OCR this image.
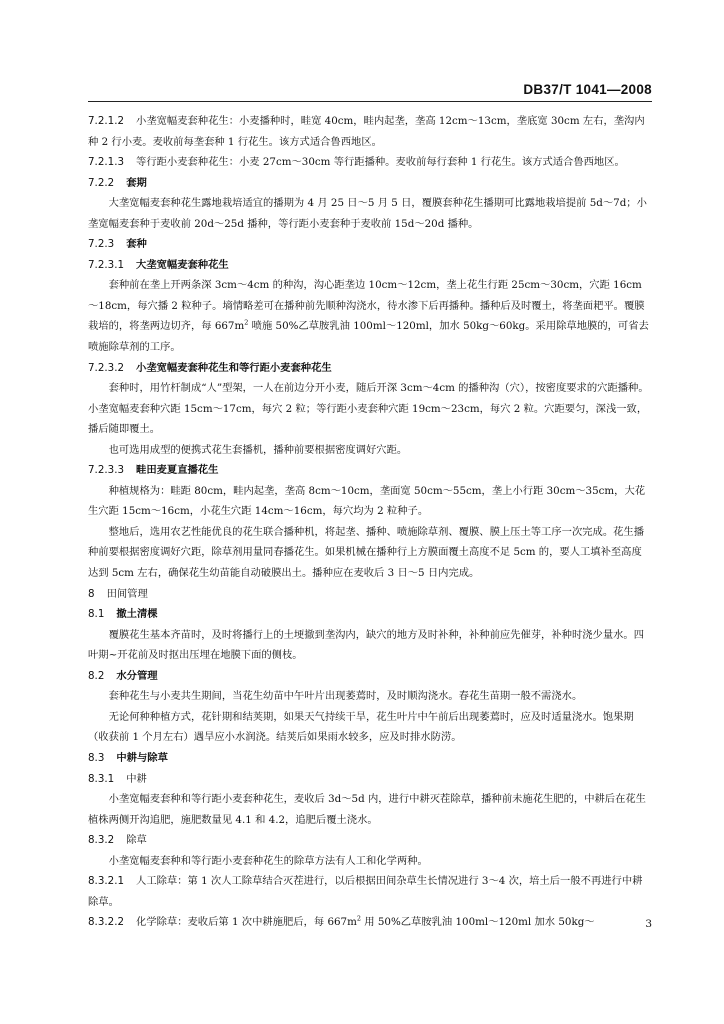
DB37/T 1041—2008

7.2.1.2 小垄宽幅麦套种花生：小麦播种时，畦宽 40cm，畦内起垄，垄高 12cm～13cm，垄底宽 30cm 左右，垄沟内种 2 行小麦。麦收前每垄套种 1 行花生。该方式适合鲁西地区。

7.2.1.3 等行距小麦套种花生：小麦 27cm～30cm 等行距播种。麦收前每行套种 1 行花生。该方式适合鲁西地区。

7.2.2 套期

大垄宽幅麦套种花生露地栽培适宜的播期为 4 月 25 日～5 月 5 日，覆膜套种花生播期可比露地栽培提前 5d～7d；小垄宽幅麦套种于麦收前 20d～25d 播种，等行距小麦套种于麦收前 15d～20d 播种。

7.2.3 套种

7.2.3.1 大垄宽幅麦套种花生

套种前在垄上开两条深 3cm～4cm 的种沟，沟心距垄边 10cm～12cm，垄上花生行距 25cm～30cm，穴距 16cm～18cm，每穴播 2 粒种子。墒情略差可在播种前先顺种沟浇水，待水渗下后再播种。播种后及时覆土，将垄面耙平。覆膜栽培的，将垄两边切齐，每 $667m^2$ 喷施 50%乙草胺乳油 100ml～120ml，加水 50kg～60kg。采用除草地膜的，可省去喷施除草剂的工序。

7.2.3.2 小垄宽幅麦套种花生和等行距小麦套种花生

套种时，用竹杆制成“人”型架，一人在前边分开小麦，随后开深 3cm～4cm 的播种沟（穴），按密度要求的穴距播种。小垄宽幅麦套种穴距 15cm～17cm，每穴 2 粒；等行距小麦套种穴距 19cm～23cm，每穴 2 粒。穴距要匀，深浅一致，播后随即覆土。

也可选用成型的便携式花生套播机，播种前要根据密度调好穴距。

7.2.3.3 畦田麦夏直播花生

种植规格为：畦距 80cm，畦内起垄，垄高 8cm～10cm，垄面宽 50cm～55cm，垄上小行距 30cm～35cm，大花生穴距 15cm～16cm，小花生穴距 14cm～16cm，每穴均为 2 粒种子。

整地后，选用农艺性能优良的花生联合播种机，将起垄、播种、喷施除草剂、覆膜、膜上压土等工序一次完成。花生播种前要根据密度调好穴距，除草剂用量同春播花生。如果机械在播种行上方膜面覆土高度不足 5cm 的，要人工填补至高度达到 5cm 左右，确保花生幼苗能自动破膜出土。播种应在麦收后 3 日～5 日内完成。

8 田间管理

8.1 撤土清棵

覆膜花生基本齐苗时，及时将播行上的土埂撤到垄沟内，缺穴的地方及时补种，补种前应先催芽，补种时浇少量水。四叶期~开花前及时抠出压埋在地膜下面的侧枝。

8.2 水分管理

套种花生与小麦共生期间，当花生幼苗中午叶片出现萎蔫时，及时顺沟浇水。春花生苗期一般不需浇水。

无论何种种植方式，花针期和结荚期，如果天气持续干旱，花生叶片中午前后出现萎蔫时，应及时适量浇水。饱果期（收获前 1 个月左右）遇旱应小水润浇。结荚后如果雨水较多，应及时排水防涝。

8.3 中耕与除草

8.3.1 中耕

小垄宽幅麦套种和等行距小麦套种花生，麦收后 3d～5d 内，进行中耕灭茬除草，播种前未施花生肥的，中耕后在花生植株两侧开沟追肥，施肥数量见 4.1 和 4.2，追肥后覆土浇水。

8.3.2 除草

小垄宽幅麦套种和等行距小麦套种花生的除草方法有人工和化学两种。

8.3.2.1 人工除草：第 1 次人工除草结合灭茬进行，以后根据田间杂草生长情况进行 3～4 次，培土后一般不再进行中耕除草。

8.3.2.2 化学除草：麦收后第 1 次中耕施肥后，每 $667m^2$ 用 50%乙草胺乳油 100ml～120ml 加水 50kg～	3
